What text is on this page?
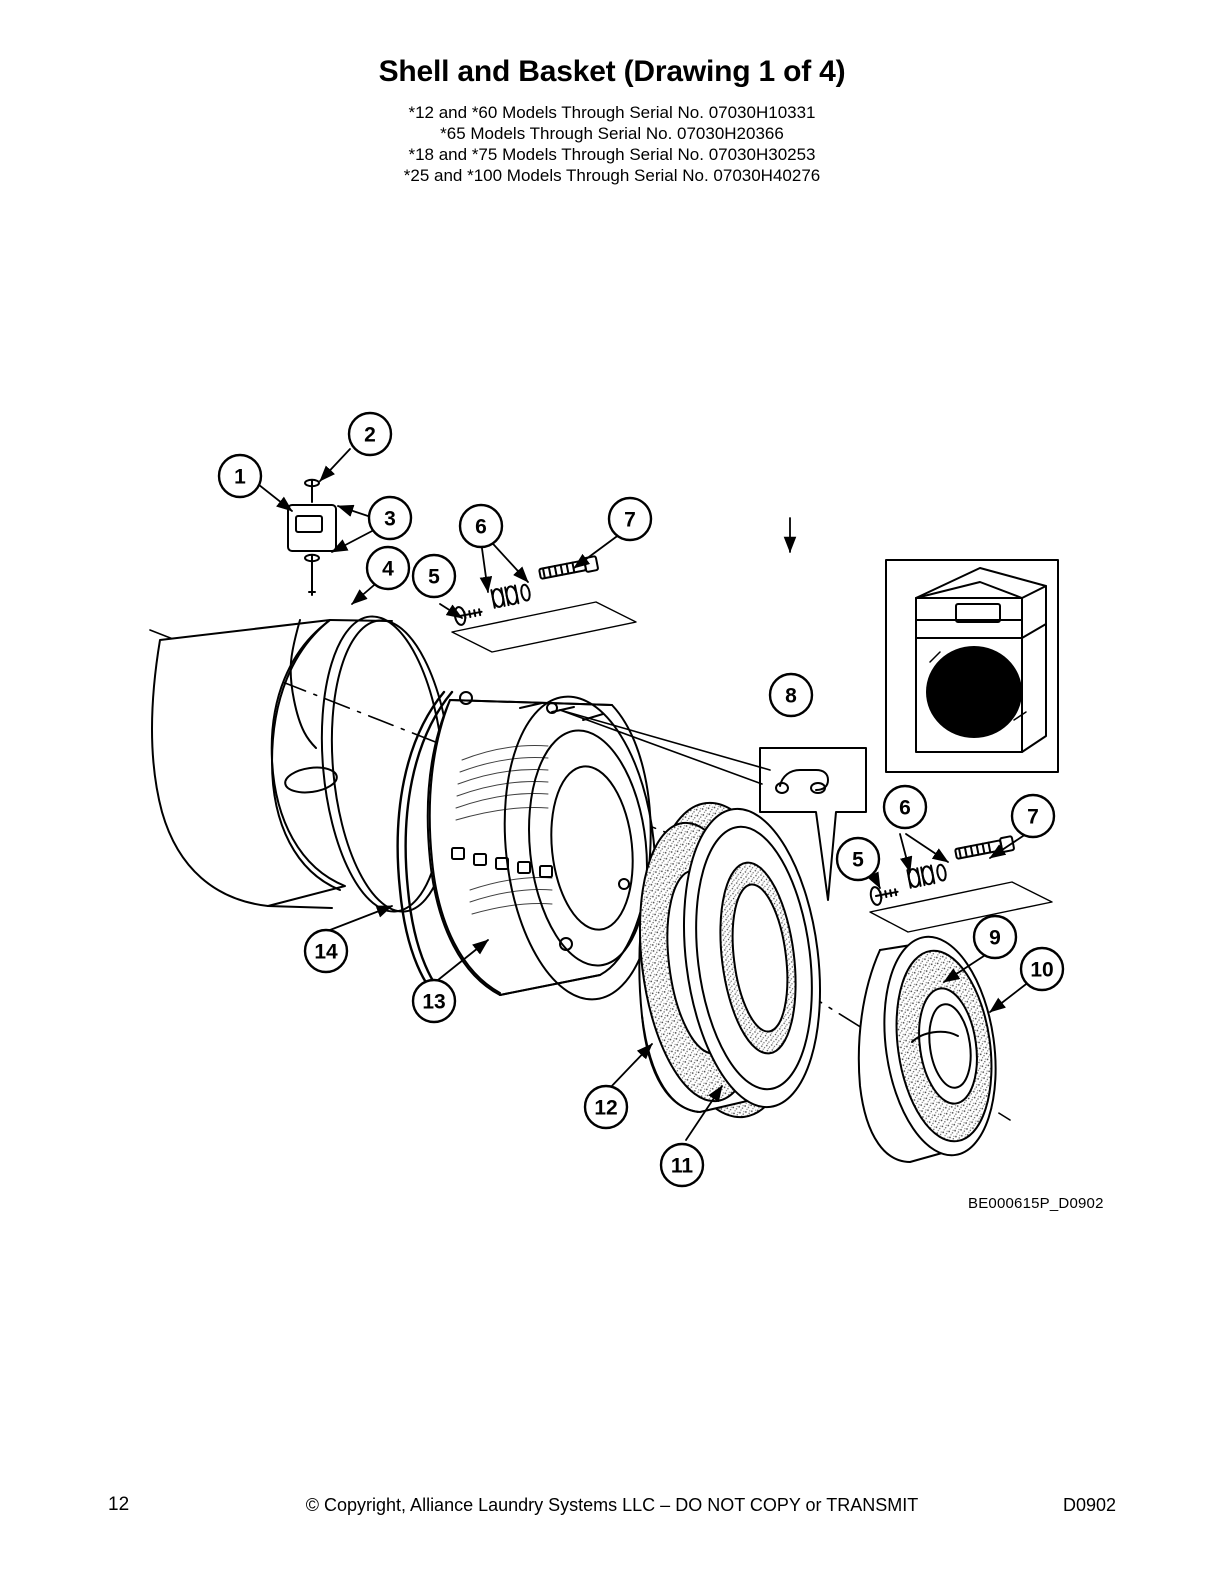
Shell and Basket (Drawing 1 of 4)
*12 and *60 Models Through Serial No. 07030H10331
*65 Models Through Serial No. 07030H20366
*18 and *75 Models Through Serial No. 07030H30253
*25 and *100 Models Through Serial No. 07030H40276
1
2
3
4 5
6	7
8
5
6	7
9
10
11
12
13
14
BE000615P_D0902
12	© Copyright, Alliance Laundry Systems LLC – DO NOT COPY or TRANSMIT	D0902
